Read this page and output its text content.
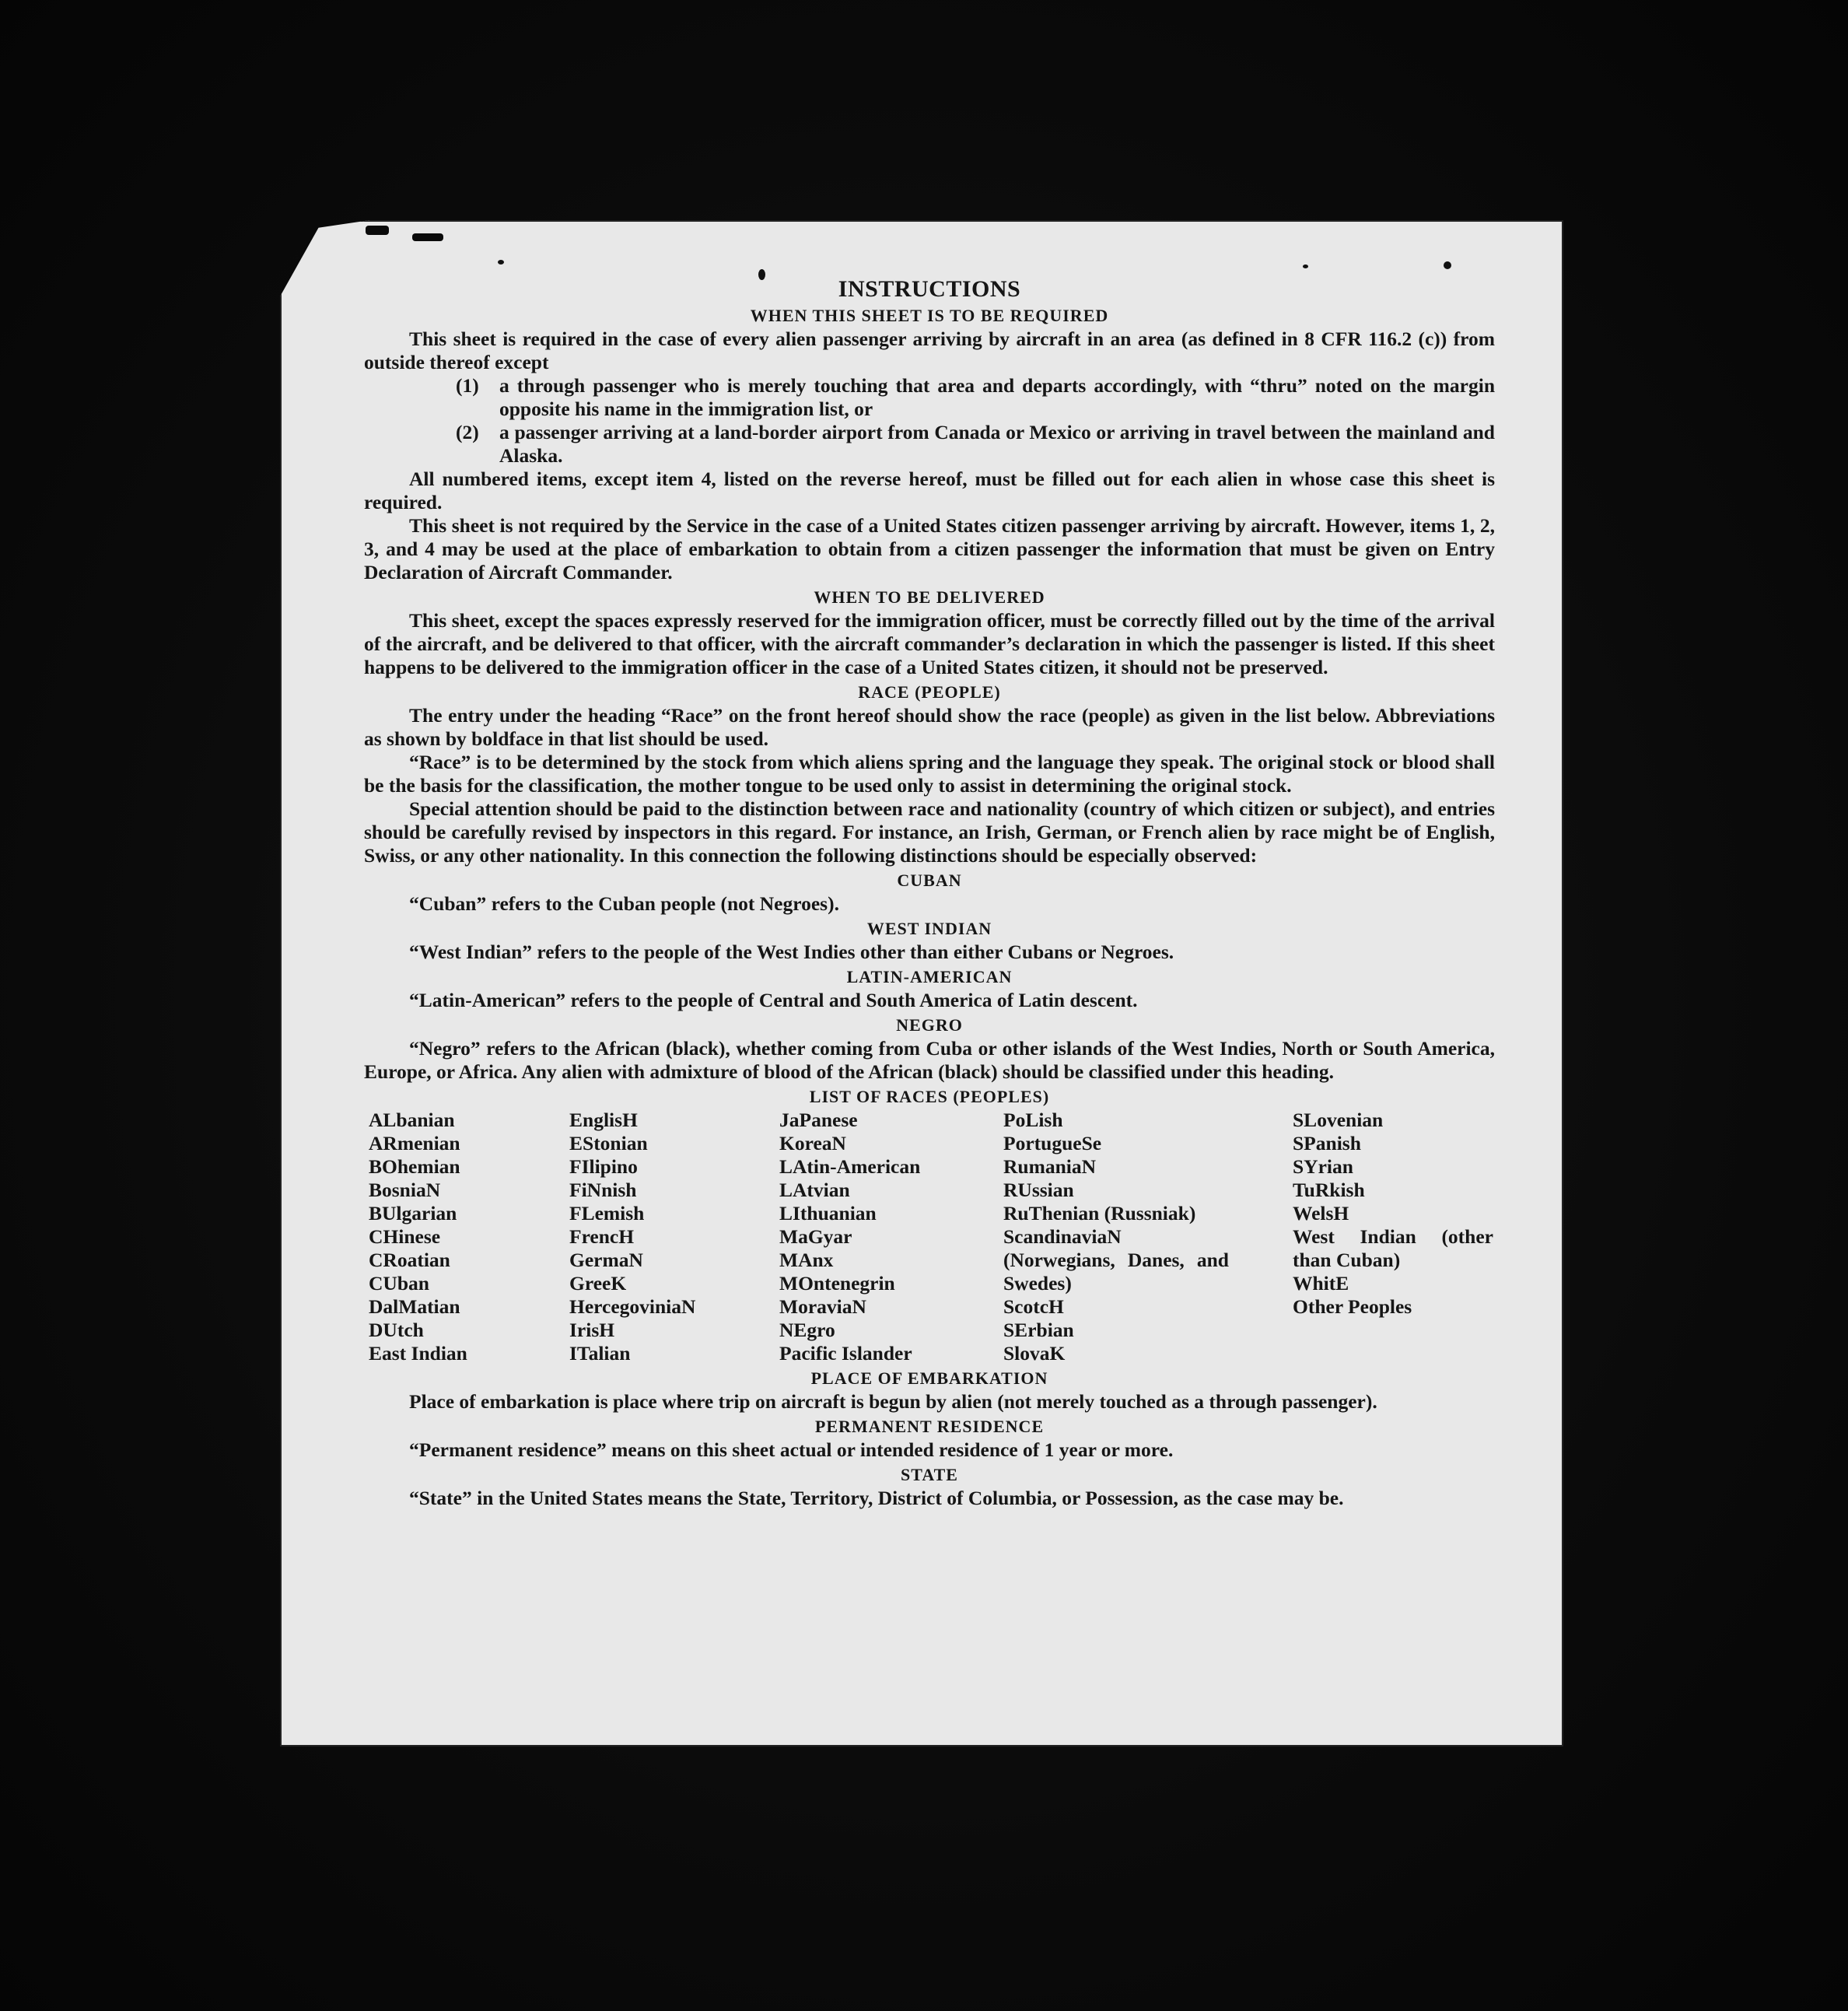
INSTRUCTIONS
WHEN THIS SHEET IS TO BE REQUIRED

This sheet is required in the case of every alien passenger arriving by aircraft in an area (as defined in 8 CFR 116.2 (c)) from outside thereof except

(1)	a through passenger who is merely touching that area and departs accordingly, with “thru” noted on the margin opposite his name in the immigration list, or
(2)	a passenger arriving at a land-border airport from Canada or Mexico or arriving in travel between the mainland and Alaska.

All numbered items, except item 4, listed on the reverse hereof, must be filled out for each alien in whose case this sheet is required.

This sheet is not required by the Service in the case of a United States citizen passenger arriving by aircraft. However, items 1, 2, 3, and 4 may be used at the place of embarkation to obtain from a citizen passenger the information that must be given on Entry Declaration of Aircraft Commander.

WHEN TO BE DELIVERED

This sheet, except the spaces expressly reserved for the immigration officer, must be correctly filled out by the time of the arrival of the aircraft, and be delivered to that officer, with the aircraft commander’s declaration in which the passenger is listed. If this sheet happens to be delivered to the immigration officer in the case of a United States citizen, it should not be preserved.

RACE (PEOPLE)

The entry under the heading “Race” on the front hereof should show the race (people) as given in the list below. Abbreviations as shown by boldface in that list should be used.

“Race” is to be determined by the stock from which aliens spring and the language they speak. The original stock or blood shall be the basis for the classification, the mother tongue to be used only to assist in determining the original stock.

Special attention should be paid to the distinction between race and nationality (country of which citizen or subject), and entries should be carefully revised by inspectors in this regard. For instance, an Irish, German, or French alien by race might be of English, Swiss, or any other nationality. In this connection the following distinctions should be especially observed:

CUBAN

“Cuban” refers to the Cuban people (not Negroes).

WEST INDIAN

“West Indian” refers to the people of the West Indies other than either Cubans or Negroes.

LATIN-AMERICAN

“Latin-American” refers to the people of Central and South America of Latin descent.

NEGRO

“Negro” refers to the African (black), whether coming from Cuba or other islands of the West Indies, North or South America, Europe, or Africa. Any alien with admixture of blood of the African (black) should be classified under this heading.

LIST OF RACES (PEOPLES)
ALbanian
ARmenian
BOhemian
BosniaN
BUlgarian
CHinese
CRoatian
CUban
DalMatian
DUtch
East Indian
EnglisH
EStonian
FIlipino
FiNnish
FLemish
FrencH
GermaN
GreeK
HercegoviniaN
IrisH
ITalian
JaPanese
KoreaN
LAtin-American
LAtvian
LIthuanian
MaGyar
MAnx
MOntenegrin
MoraviaN
NEgro
Pacific Islander
PoLish
PortugueSe
RumaniaN
RUssian
RuThenian (Russniak)
ScandinaviaN (Norwegians, Danes, and Swedes)
ScotcH
SErbian
SlovaK
SLovenian
SPanish
SYrian
TuRkish
WelsH
West Indian (other than Cuban)
WhitE
Other Peoples
PLACE OF EMBARKATION

Place of embarkation is place where trip on aircraft is begun by alien (not merely touched as a through passenger).

PERMANENT RESIDENCE

“Permanent residence” means on this sheet actual or intended residence of 1 year or more.

STATE

“State” in the United States means the State, Territory, District of Columbia, or Possession, as the case may be.
